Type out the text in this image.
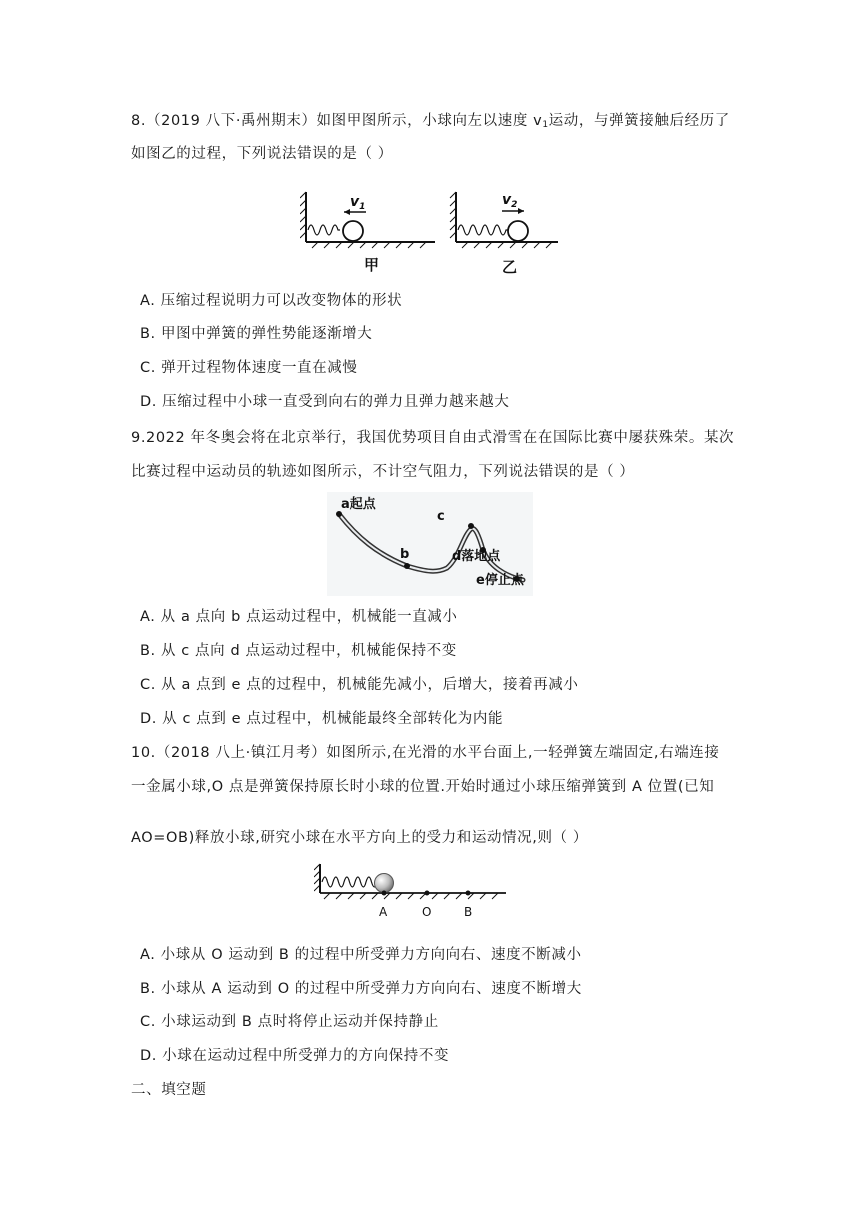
8.（2019 八下·禹州期末）如图甲图所示，小球向左以速度 $v_1$运动，与弹簧接触后经历了
如图乙的过程，下列说法错误的是（ ）
$v_1$
甲
$v_2$
乙
A. 压缩过程说明力可以改变物体的形状
B. 甲图中弹簧的弹性势能逐渐增大
C. 弹开过程物体速度一直在减慢
D. 压缩过程中小球一直受到向右的弹力且弹力越来越大
9.2022 年冬奥会将在北京举行，我国优势项目自由式滑雪在在国际比赛中屡获殊荣。某次
比赛过程中运动员的轨迹如图所示，不计空气阻力，下列说法错误的是（ ）
a起点
b
c
d落地点
e停止点
A. 从 a 点向 b 点运动过程中，机械能一直减小
B. 从 c 点向 d 点运动过程中，机械能保持不变
C. 从 a 点到 e 点的过程中，机械能先减小，后增大，接着再减小
D. 从 c 点到 e 点过程中，机械能最终全部转化为内能
10.（2018 八上·镇江月考）如图所示,在光滑的水平台面上,一轻弹簧左端固定,右端连接
一金属小球,O 点是弹簧保持原长时小球的位置.开始时通过小球压缩弹簧到 A 位置(已知
AO=OB)释放小球,研究小球在水平方向上的受力和运动情况,则（ ）
A	O	B
A. 小球从 O 运动到 B 的过程中所受弹力方向向右、速度不断减小
B. 小球从 A 运动到 O 的过程中所受弹力方向向右、速度不断增大
C. 小球运动到 B 点时将停止运动并保持静止
D. 小球在运动过程中所受弹力的方向保持不变
二、填空题
